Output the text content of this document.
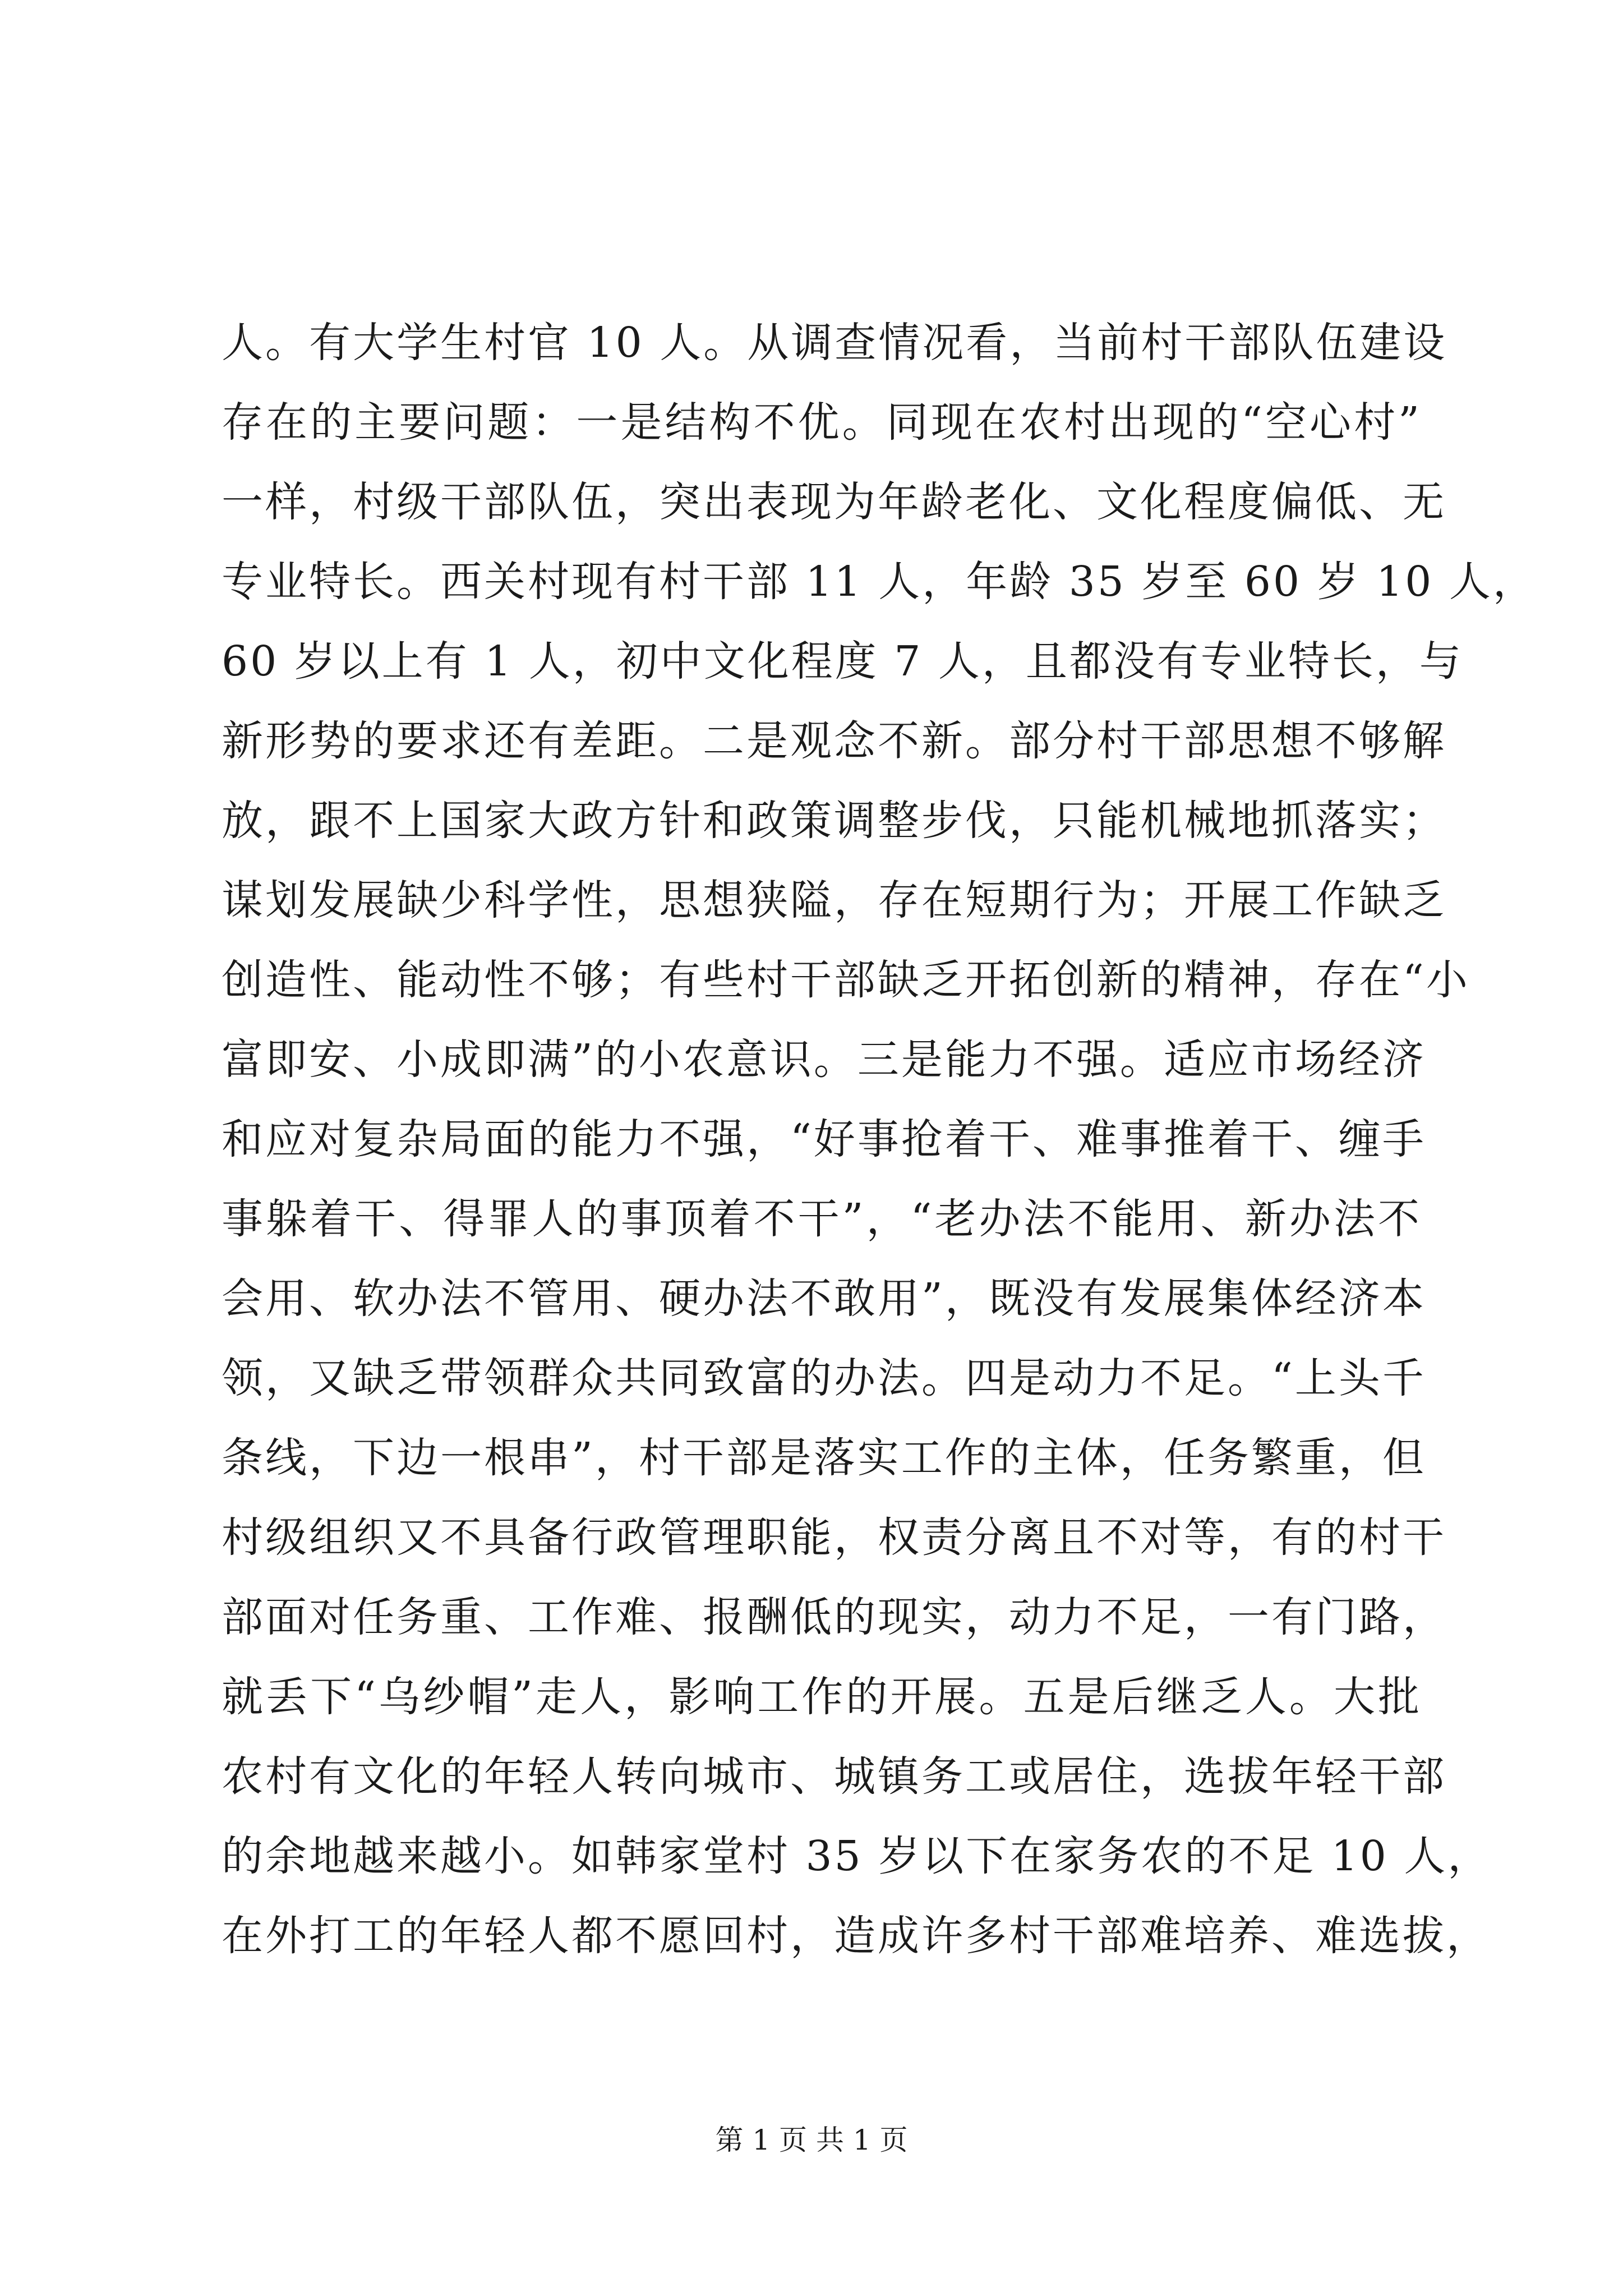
人。有大学生村官 10 人。从调查情况看，当前村干部队伍建设
存在的主要问题：一是结构不优。同现在农村出现的“空心村”
一样，村级干部队伍，突出表现为年龄老化、文化程度偏低、无
专业特长。西关村现有村干部 11 人，年龄 35 岁至 60 岁 10 人，
60 岁以上有 1 人，初中文化程度 7 人，且都没有专业特长，与
新形势的要求还有差距。二是观念不新。部分村干部思想不够解
放，跟不上国家大政方针和政策调整步伐，只能机械地抓落实；
谋划发展缺少科学性，思想狭隘，存在短期行为；开展工作缺乏
创造性、能动性不够；有些村干部缺乏开拓创新的精神，存在“小
富即安、小成即满”的小农意识。三是能力不强。适应市场经济
和应对复杂局面的能力不强，“好事抢着干、难事推着干、缠手
事躲着干、得罪人的事顶着不干”，“老办法不能用、新办法不
会用、软办法不管用、硬办法不敢用”，既没有发展集体经济本
领，又缺乏带领群众共同致富的办法。四是动力不足。“上头千
条线，下边一根串”，村干部是落实工作的主体，任务繁重，但
村级组织又不具备行政管理职能，权责分离且不对等，有的村干
部面对任务重、工作难、报酬低的现实，动力不足，一有门路，
就丢下“乌纱帽”走人，影响工作的开展。五是后继乏人。大批
农村有文化的年轻人转向城市、城镇务工或居住，选拔年轻干部
的余地越来越小。如韩家堂村 35 岁以下在家务农的不足 10 人，
在外打工的年轻人都不愿回村，造成许多村干部难培养、难选拔，
第 1 页 共 1 页
